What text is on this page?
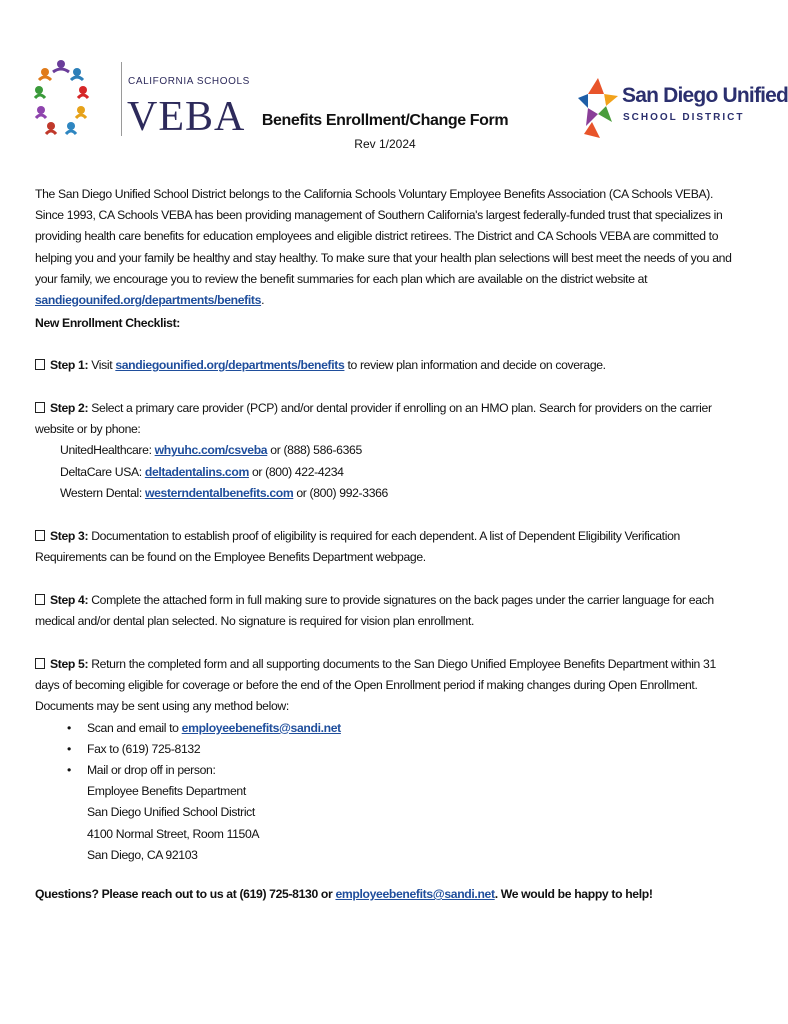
CALIFORNIA SCHOOLS
VEBA	San Diego Unified
SCHOOL DISTRICT
Benefits Enrollment/Change Form
Rev 1/2024
The San Diego Unified School District belongs to the California Schools Voluntary Employee Benefits Association (CA Schools VEBA). Since 1993, CA Schools VEBA has been providing management of Southern California's largest federally-funded trust that specializes in providing health care benefits for education employees and eligible district retirees. The District and CA Schools VEBA are committed to helping you and your family be healthy and stay healthy. To make sure that your health plan selections will best meet the needs of you and your family, we encourage you to review the benefit summaries for each plan which are available on the district website at sandiegounifed.org/departments/benefits.
New Enrollment Checklist:
Step 1: Visit sandiegounified.org/departments/benefits to review plan information and decide on coverage.
Step 2: Select a primary care provider (PCP) and/or dental provider if enrolling on an HMO plan. Search for providers on the carrier website or by phone:
UnitedHealthcare: whyuhc.com/csveba or (888) 586-6365
DeltaCare USA: deltadentalins.com or (800) 422-4234
Western Dental: westerndentalbenefits.com or (800) 992-3366
Step 3: Documentation to establish proof of eligibility is required for each dependent. A list of Dependent Eligibility Verification Requirements can be found on the Employee Benefits Department webpage.
Step 4: Complete the attached form in full making sure to provide signatures on the back pages under the carrier language for each medical and/or dental plan selected. No signature is required for vision plan enrollment.
Step 5: Return the completed form and all supporting documents to the San Diego Unified Employee Benefits Department within 31 days of becoming eligible for coverage or before the end of the Open Enrollment period if making changes during Open Enrollment. Documents may be sent using any method below:
• Scan and email to employeebenefits@sandi.net
• Fax to (619) 725-8132
• Mail or drop off in person:
Employee Benefits Department
San Diego Unified School District
4100 Normal Street, Room 1150A
San Diego, CA 92103
Questions? Please reach out to us at (619) 725-8130 or employeebenefits@sandi.net. We would be happy to help!
